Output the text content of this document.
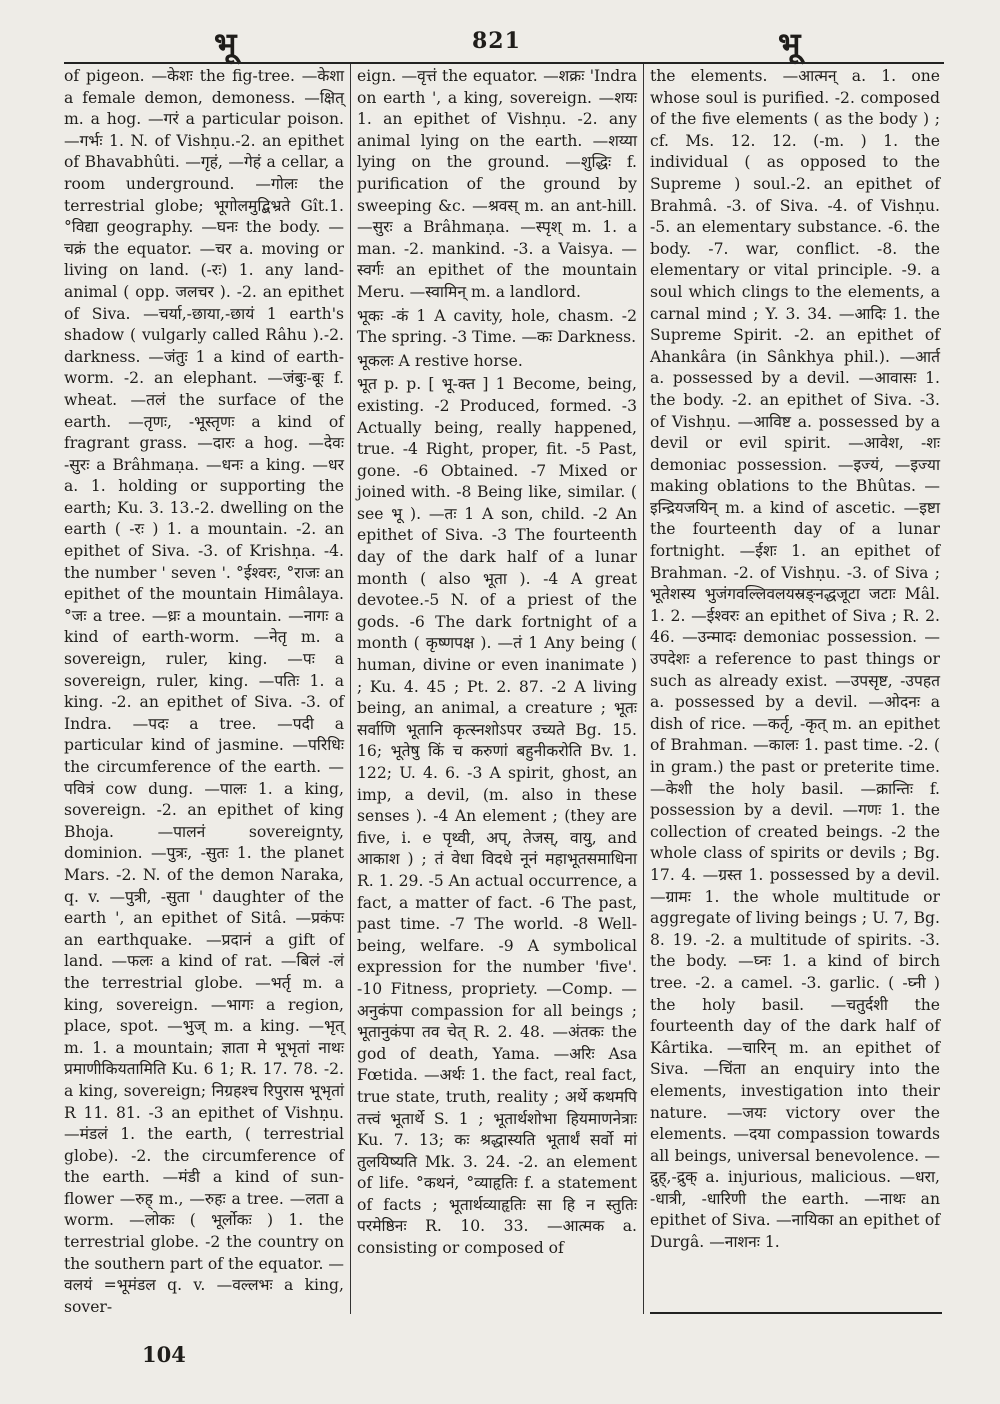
भू	821	भू

of pigeon. —केशः the fig-tree. —केशा a female demon, demoness. —क्षित् m. a hog. —गरं a particular poison. —गर्भः 1. N. of Vishṇu.-2. an epithet of Bhavabhûti. —गृहं, —गेहं a cellar, a room underground. —गोलः the terrestrial globe; भूगोलमुद्बिभ्रते Gît.1. °विद्या geography. —घनः the body. —चक्रं the equator. —चर a. moving or living on land. (-रः) 1. any land-animal ( opp. जलचर ). -2. an epithet of Siva. —चर्या,-छाया,-छायं 1 earth's shadow ( vulgarly called Râhu ).-2. darkness. —जंतुः 1 a kind of earth-worm. -2. an elephant. —जंबुः-बूः f. wheat. —तलं the surface of the earth. —तृणः, -भूस्तृणः a kind of fragrant grass. —दारः a hog. —देवः -सुरः a Brâhmaṇa. —धनः a king. —धर a. 1. holding or supporting the earth; Ku. 3. 13.-2. dwelling on the earth ( -रः ) 1. a mountain. -2. an epithet of Siva. -3. of Krishṇa. -4. the number ' seven '. °ईश्वरः, °राजः an epithet of the mountain Himâlaya. °जः a tree. —ध्रः a mountain. —नागः a kind of earth-worm. —नेतृ m. a sovereign, ruler, king. —पः a sovereign, ruler, king. —पतिः 1. a king. -2. an epithet of Siva. -3. of Indra. —पदः a tree. —पदी a particular kind of jasmine. —परिधिः the circumference of the earth. —पवित्रं cow dung. —पालः 1. a king, sovereign. -2. an epithet of king Bhoja. —पालनं sovereignty, dominion. —पुत्रः, -सुतः 1. the planet Mars. -2. N. of the demon Naraka, q. v. —पुत्री, -सुता ' daughter of the earth ', an epithet of Sitâ. —प्रकंपः an earthquake. —प्रदानं a gift of land. —फलः a kind of rat. —बिलं -लं the terrestrial globe. —भर्तृ m. a king, sovereign. —भागः a region, place, spot. —भुज् m. a king. —भृत् m. 1. a mountain; ज्ञाता मे भूभृतां नाथः प्रमाणीकियतामिति Ku. 6 1; R. 17. 78. -2. a king, sovereign; निग्रहश्च रिपुरास भूभृतां R 11. 81. -3 an epithet of Vishṇu. —मंडलं 1. the earth, ( terrestrial globe). -2. the circumference of the earth. —मंडी a kind of sun-flower —रुह् m., —रुहः a tree. —लता a worm. —लोकः ( भूर्लोकः ) 1. the terrestrial globe. -2 the country on the southern part of the equator. —वलयं =भूमंडल q. v. —वल्लभः a king, sover-

eign. —वृत्तं the equator. —शक्रः 'Indra on earth ', a king, sovereign. —शयः 1. an epithet of Vishṇu. -2. any animal lying on the earth. —शय्या lying on the ground. —शुद्धिः f. purification of the ground by sweeping &c. —श्रवस् m. an ant-hill. —सुरः a Brâhmaṇa. —स्पृश् m. 1. a man. -2. mankind. -3. a Vaisya. —स्वर्गः an epithet of the mountain Meru. —स्वामिन् m. a landlord.

भूकः -कं 1 A cavity, hole, chasm. -2 The spring. -3 Time. —कः Darkness.

भूकलः A restive horse.

भूत p. p. [ भू-क्त ] 1 Become, being, existing. -2 Produced, formed. -3 Actually being, really happened, true. -4 Right, proper, fit. -5 Past, gone. -6 Obtained. -7 Mixed or joined with. -8 Being like, similar. ( see भू ). —तः 1 A son, child. -2 An epithet of Siva. -3 The fourteenth day of the dark half of a lunar month ( also भूता ). -4 A great devotee.-5 N. of a priest of the gods. -6 The dark fortnight of a month ( कृष्णपक्ष ). —तं 1 Any being ( human, divine or even inanimate ) ; Ku. 4. 45 ; Pt. 2. 87. -2 A living being, an animal, a creature ; भूतः सर्वाणि भूतानि कृत्स्नशोऽपर उच्यते Bg. 15. 16; भूतेषु किं च करुणां बहुनीकरोति Bv. 1. 122; U. 4. 6. -3 A spirit, ghost, an imp, a devil, (m. also in these senses ). -4 An element ; (they are five, i. e पृथ्वी, अप्, तेजस्, वायु, and आकाश ) ; तं वेधा विदधे नूनं महाभूतसमाधिना R. 1. 29. -5 An actual occurrence, a fact, a matter of fact. -6 The past, past time. -7 The world. -8 Well-being, welfare. -9 A symbolical expression for the number 'five'. -10 Fitness, propriety. —Comp. —अनुकंपा compassion for all beings ; भूतानुकंपा तव चेत् R. 2. 48. —अंतकः the god of death, Yama. —अरिः Asa Fœtida. —अर्थः 1. the fact, real fact, true state, truth, reality ; अर्थे कथमपि तत्त्वं भूतार्थे S. 1 ; भूतार्थशोभा हियमाणनेत्राः Ku. 7. 13; कः श्रद्धास्यति भूतार्थं सर्वो मां तुलयिष्यति Mk. 3. 24. -2. an element of life. °कथनं, °व्याहृतिः f. a statement of facts ; भूतार्थव्याहृतिः सा हि न स्तुतिः परमेष्ठिनः R. 10. 33. —आत्मक a. consisting or composed of

the elements. —आत्मन् a. 1. one whose soul is purified. -2. composed of the five elements ( as the body ) ; cf. Ms. 12. 12. (-m. ) 1. the individual ( as opposed to the Supreme ) soul.-2. an epithet of Brahmâ. -3. of Siva. -4. of Vishṇu. -5. an elementary substance. -6. the body. -7. war, conflict. -8. the elementary or vital principle. -9. a soul which clings to the elements, a carnal mind ; Y. 3. 34. —आदिः 1. the Supreme Spirit. -2. an epithet of Ahankâra (in Sânkhya phil.). —आर्त a. possessed by a devil. —आवासः 1. the body. -2. an epithet of Siva. -3. of Vishṇu. —आविष्ट a. possessed by a devil or evil spirit. —आवेश, -शः demoniac possession. —इज्यं, —इज्या making oblations to the Bhûtas. —इन्द्रियजयिन् m. a kind of ascetic. —इष्टा the fourteenth day of a lunar fortnight. —ईशः 1. an epithet of Brahman. -2. of Vishṇu. -3. of Siva ; भूतेशस्य भुजंगवल्लिवलयस्रङ्नद्धजूटा जटाः Mâl. 1. 2. —ईश्वरः an epithet of Siva ; R. 2. 46. —उन्मादः demoniac possession. — उपदेशः a reference to past things or such as already exist. —उपसृष्ट, -उपहत a. possessed by a devil. —ओदनः a dish of rice. —कर्तृ, -कृत् m. an epithet of Brahman. —कालः 1. past time. -2. ( in gram.) the past or preterite time. —केशी the holy basil. —क्रान्तिः f. possession by a devil. —गणः 1. the collection of created beings. -2 the whole class of spirits or devils ; Bg. 17. 4. —ग्रस्त 1. possessed by a devil. —ग्रामः 1. the whole multitude or aggregate of living beings ; U. 7, Bg. 8. 19. -2. a multitude of spirits. -3. the body. —घ्नः 1. a kind of birch tree. -2. a camel. -3. garlic. ( -घ्नी ) the holy basil. —चतुर्दशी the fourteenth day of the dark half of Kârtika. —चारिन् m. an epithet of Siva. —चिंता an enquiry into the elements, investigation into their nature. —जयः victory over the elements. —दया compassion towards all beings, universal benevolence. —द्रुह्,-द्रुक् a. injurious, malicious. —धरा, -धात्री, -धारिणी the earth. —नाथः an epithet of Siva. —नायिका an epithet of Durgâ. —नाशनः 1.

104
